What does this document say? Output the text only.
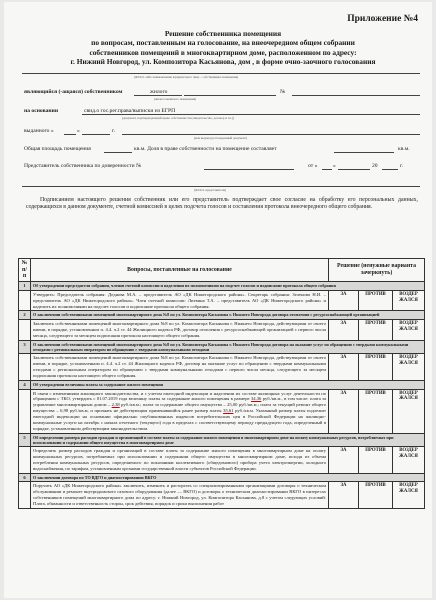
Приложение №4
Решение собственника помещения
по вопросам, поставленным на голосование, на внеочередном общем собрании
собственников помещений в многоквартирном доме, расположенном по адресу:
г. Нижний Новгород, ул. Композитора Касьянова, дом , в форме очно-заочного голосования
(Ф.И.О. либо наименование юридического лица – собственника помещения)
являющийся (-ащаяся) собственником	жилого	№
(жилого/нежилого помещения)
на основании	свид.о гос.рег.права/выписки из ЕГРП
(документ, подтверждающий право собственности (свидетельство, договор и т.п.))
выданного «	»	г.
(кем выдан/удостоверенный документ)
Общая площадь помещения	кв.м. Доля в праве собственности на помещение составляет	кв.м.
Представитель собственника по доверенности №	от «	»	20	г.
(Ф.И.О. представителя)
Подписанием настоящего решения собственник или его представитель подтверждает свое согласие на обработку его персональных данных, содержащихся в данном документе, счетной комиссией в целях подсчета голосов и составления протокола внеочередного общего собрания.
№ п/п	Вопросы, поставленные на голосование	Решение (ненужные варианта зачеркнуть)		
1	Об утверждении председателя собрания, членов счетной комиссии и наделении их полномочиями на подсчет голосов и подписание протокола общего собрания			
	Утвердить: Председатель собрания: Деднова М.А. – представитель АО «ДК Нижегородского района». Секретарь собрания: Зеленова Н.И. – представитель АО «ДК Нижегородского района». Член счетной комиссии: Литвина Т.А. – представитель АО «ДК Нижегородского района» и наделить их полномочиями на подсчет голосов и подписание протокола общего собрания.	ЗА	ПРОТИВ	ВОЗДЕР
ЖАЛСЯ

2	О заключении собственниками помещений многоквартирного дома №8 по ул. Композитора Касьянова г. Нижнего Новгорода договора отопления с ресурсоснабжающей организацией			
	Заключить собственниками помещений многоквартирного дома №8 по ул. Композитора Касьянова г. Нижнего Новгорода, действующими от своего имени, в порядке, установленном п. 4.4. ч.2 ст. 44 Жилищного кодекса РФ, договор отопления с ресурсоснабжающей организацией с первого числа месяца, следующего за месяцем подписания протокола настоящего общего собрания.	ЗА	ПРОТИВ	ВОЗДЕР
ЖАЛСЯ

3	О заключении собственниками помещений многоквартирного дома №8 по ул. Композитора Касьянова г. Нижнего Новгорода договора на оказание услуг по обращению с твердыми коммунальными отходами с региональным оператором по обращению с твердыми коммунальными отходами			
	Заключить собственниками помещений многоквартирного дома №8 по ул. Композитора Касьянова г. Нижнего Новгорода, действующими от своего имени, в порядке, установленном п. 4.4. ч.2 ст. 44 Жилищного кодекса РФ, договор на оказание услуг по обращению с твердыми коммунальными отходами с региональным оператором по обращению с твердыми коммунальными отходами с первого числа месяца, следующего за месяцем подписания протокола настоящего общего собрания.	ЗА	ПРОТИВ	ВОЗДЕР
ЖАЛСЯ

4	Об утверждении величины платы за содержание жилого помещения			
	В связи с изменениями жилищного законодательства, и с учетом ежегодной индексации и наделении их составе жилищных услуг деятельности по обращению с ТКО, утвердить с 01.07.2019 года величину платы за содержание жилого помещения в размере 34,36 руб./кв.м., в том числе: плата за управление многоквартирным домом – 2,38 руб./кв.м.; плата за содержание общего имущества – 25,00 руб./кв.м.; плата за текущий ремонт общего имущества – 6,98 руб./кв.м, и признать не действующим применявшийся ранее размер платы 35,61 руб./кв.м. Указанный размер платы подлежит ежегодной индексации на основании официально опубликованных индексов потребительских цен в Российской Федерации на жилищно-коммунальные услуги на октябрь с начала отчетного (текущего) года в пределах с соответствующему периоду предыдущего года, определенный в порядке, установленном действующим законодательством.	ЗА	ПРОТИВ	ВОЗДЕР
ЖАЛСЯ

5	Об определении размера расходов граждан и организаций в составе платы за содержание жилого помещения в многоквартирном доме на оплату коммунальных ресурсов, потребляемых при использовании и содержании общего имущества в многоквартирном доме			
	Определить размер расходов граждан и организаций в составе платы за содержание жилого помещения в многоквартирном доме на оплату коммунальных ресурсов, потребляемых при использовании и содержании общего имущества в многоквартирном доме, исходя из объема потребления коммунальных ресурсов, определяемого по показаниям коллективного (общедомового) прибора учета электроэнергии, холодного водоснабжения, по тарифам, установленным органами государственной власти субъектов Российской Федерации.	ЗА	ПРОТИВ	ВОЗДЕР
ЖАЛСЯ

6	О заключении договора по ТО ВДГО и диагностированию ВКГО			
	Поручить АО «ДК Нижегородского района» заключить, изменить и расторгать со специализированными организациями договоры о техническом обслуживании и ремонте внутридомового газового оборудования (далее — ВКГО) и договоры о техническом диагностировании ВКГО в интересах собственников помещений многоквартирного дома по адресу: г. Нижний Новгород, ул. Композитора Касьянова, д.8 с учетом следующих условий: Плата, обязанности и ответственность сторон, срок действия, порядок и сроки выполнения работ	ЗА	ПРОТИВ	ВОЗДЕР
ЖАЛСЯ
